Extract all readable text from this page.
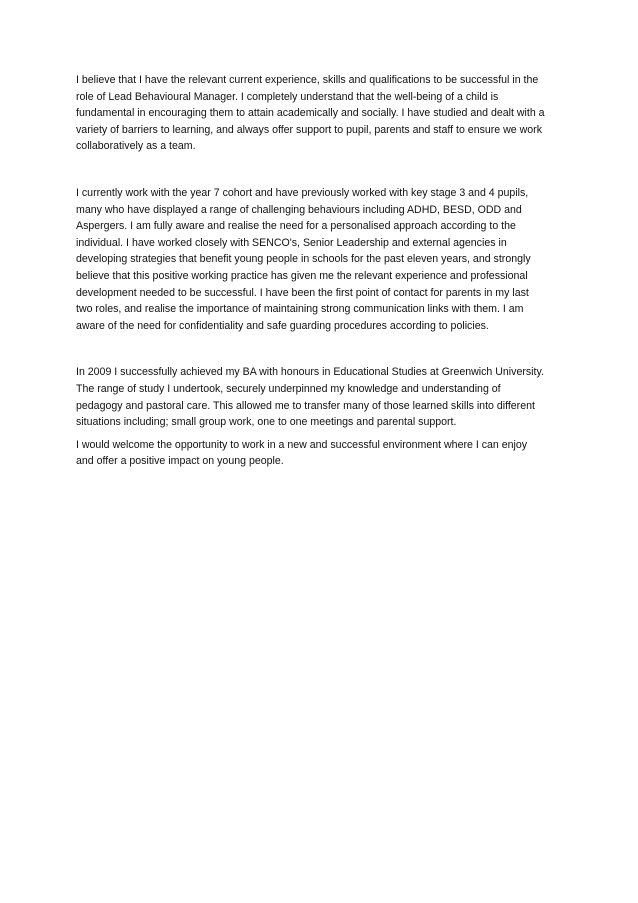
I believe that I have the relevant current experience, skills and qualifications to be successful in the
role of Lead Behavioural Manager. I completely understand that the well-being of a child is
fundamental in encouraging them to attain academically and socially. I have studied and dealt with a
variety of barriers to learning, and always offer support to pupil, parents and staff to ensure we work
collaboratively as a team.

I currently work with the year 7 cohort and have previously worked with key stage 3 and 4 pupils,
many who have displayed a range of challenging behaviours including ADHD, BESD, ODD and
Aspergers. I am fully aware and realise the need for a personalised approach according to the
individual. I have worked closely with SENCO's, Senior Leadership and external agencies in
developing strategies that benefit young people in schools for the past eleven years, and strongly
believe that this positive working practice has given me the relevant experience and professional
development needed to be successful. I have been the first point of contact for parents in my last
two roles, and realise the importance of maintaining strong communication links with them. I am
aware of the need for confidentiality and safe guarding procedures according to policies.

In 2009 I successfully achieved my BA with honours in Educational Studies at Greenwich University.
The range of study I undertook, securely underpinned my knowledge and understanding of
pedagogy and pastoral care. This allowed me to transfer many of those learned skills into different
situations including; small group work, one to one meetings and parental support.

I would welcome the opportunity to work in a new and successful environment where I can enjoy
and offer a positive impact on young people.
